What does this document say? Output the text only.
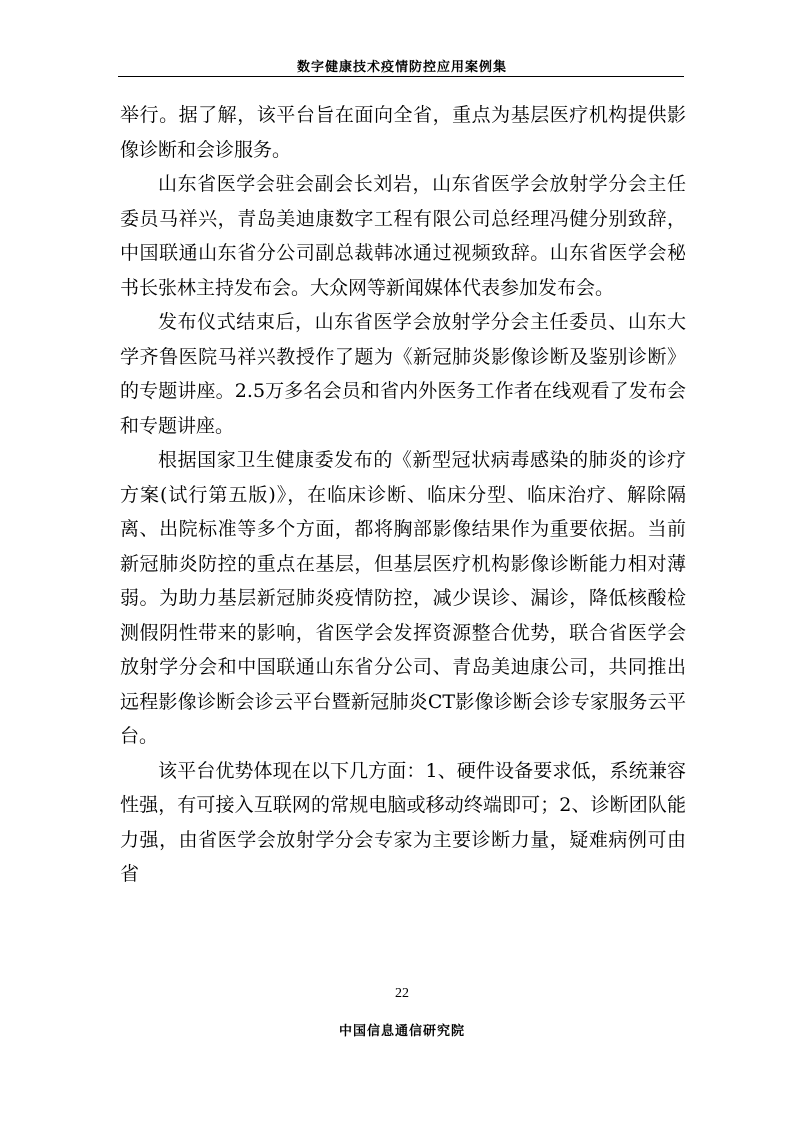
数字健康技术疫情防控应用案例集

举行。据了解，该平台旨在面向全省，重点为基层医疗机构提供影像诊断和会诊服务。

山东省医学会驻会副会长刘岩，山东省医学会放射学分会主任委员马祥兴，青岛美迪康数字工程有限公司总经理冯健分别致辞，中国联通山东省分公司副总裁韩冰通过视频致辞。山东省医学会秘书长张林主持发布会。大众网等新闻媒体代表参加发布会。

发布仪式结束后，山东省医学会放射学分会主任委员、山东大学齐鲁医院马祥兴教授作了题为《新冠肺炎影像诊断及鉴别诊断》的专题讲座。2.5万多名会员和省内外医务工作者在线观看了发布会和专题讲座。

根据国家卫生健康委发布的《新型冠状病毒感染的肺炎的诊疗方案(试行第五版)》，在临床诊断、临床分型、临床治疗、解除隔离、出院标准等多个方面，都将胸部影像结果作为重要依据。当前新冠肺炎防控的重点在基层，但基层医疗机构影像诊断能力相对薄弱。为助力基层新冠肺炎疫情防控，减少误诊、漏诊，降低核酸检测假阴性带来的影响，省医学会发挥资源整合优势，联合省医学会放射学分会和中国联通山东省分公司、青岛美迪康公司，共同推出远程影像诊断会诊云平台暨新冠肺炎CT影像诊断会诊专家服务云平台。

该平台优势体现在以下几方面：1、硬件设备要求低，系统兼容性强，有可接入互联网的常规电脑或移动终端即可；2、诊断团队能力强，由省医学会放射学分会专家为主要诊断力量，疑难病例可由省

22
中国信息通信研究院
